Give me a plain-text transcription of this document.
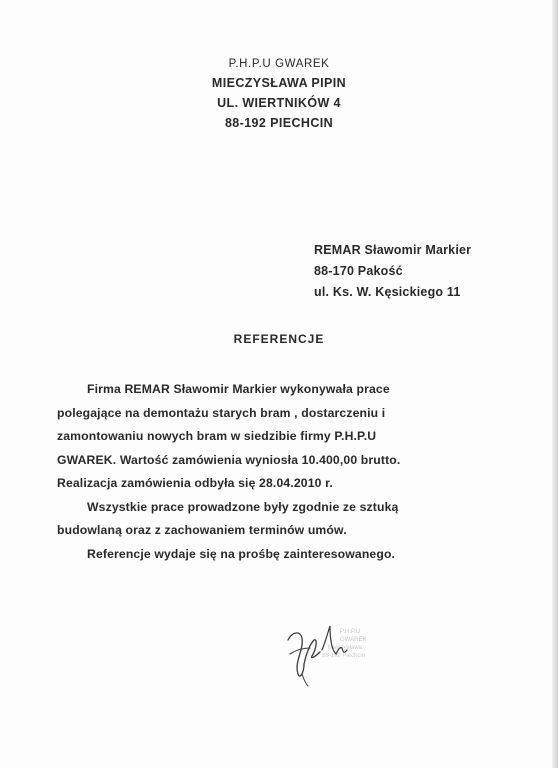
P.H.P.U GWAREK
MIECZYSŁAWA PIPIN
UL. WIERTNIKÓW 4
88-192 PIECHCIN
REMAR Sławomir Markier
88-170 Pakość
ul. Ks. W. Kęsickiego 11
REFERENCJE
Firma REMAR Sławomir Markier wykonywała prace
polegające na demontażu starych bram , dostarczeniu i
zamontowaniu nowych bram w siedzibie firmy P.H.P.U
GWAREK. Wartość zamówienia wyniosła 10.400,00 brutto.
Realizacja zamówienia odbyła się 28.04.2010 r.
Wszystkie prace prowadzone były zgodnie ze sztuką
budowlaną oraz z zachowaniem terminów umów.
Referencje wydaje się na prośbę zainteresowanego.
P.H.P.U
GWAREK
Mieczysława
88-192 Piechcin
